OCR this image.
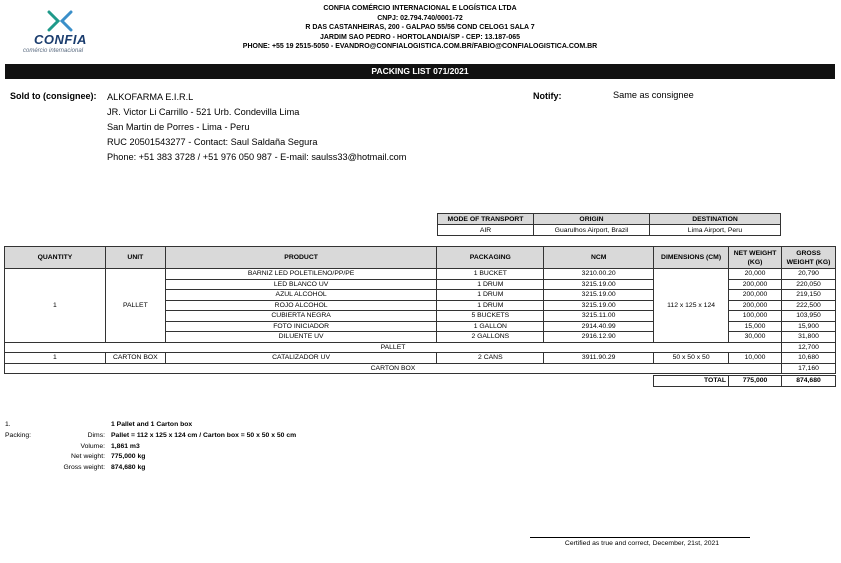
CONFIA
comércio internacional
CONFIA COMÉRCIO INTERNACIONAL E LOGÍSTICA LTDA
CNPJ: 02.794.740/0001-72
R DAS CASTANHEIRAS, 200 - GALPAO 55/56 COND CELOG1 SALA 7
JARDIM SAO PEDRO - HORTOLANDIA/SP - CEP: 13.187-065
PHONE: +55 19 2515-5050 - EVANDRO@CONFIALOGISTICA.COM.BR/FABIO@CONFIALOGISTICA.COM.BR
PACKING LIST 071/2021
Sold to (consignee): ALKOFARMA E.I.R.L
JR. Victor Li Carrillo - 521 Urb. Condevilla Lima
San Martin de Porres - Lima - Peru
RUC 20501543277 - Contact: Saul Saldaña Segura
Phone: +51 383 3728 / +51 976 050 987 - E-mail: saulss33@hotmail.com
Notify:	Same as consignee
MODE OF TRANSPORT	ORIGIN	DESTINATION
AIR	Guarulhos Airport, Brazil	Lima Airport, Peru
QUANTITY	UNIT	PRODUCT	PACKAGING	NCM	DIMENSIONS (CM)	NET WEIGHT (KG)	GROSS WEIGHT (KG)
1	PALLET	BARNIZ LED POLETILENO/PP/PE	1 BUCKET	3210.00.20	112 x 125 x 124	20,000	20,790
		LED BLANCO UV	1 DRUM	3215.19.00		200,000	220,050
		AZUL ALCOHOL	1 DRUM	3215.19.00		200,000	219,150
		ROJO ALCOHOL	1 DRUM	3215.19.00		200,000	222,500
		CUBIERTA NEGRA	5 BUCKETS	3215.11.00		100,000	103,950
		FOTO INICIADOR	1 GALLON	2914.40.99		15,000	15,900
		DILUENTE UV	2 GALLONS	2916.12.90		30,000	31,800
PALLET							12,700
1	CARTON BOX	CATALIZADOR UV	2 CANS	3911.90.29	50 x 50 x 50	10,000	10,680
CARTON BOX							17,160

					TOTAL	775,000	874,680
1. Packing:
1 Pallet and 1 Carton box
Dims: Pallet = 112 x 125 x 124 cm / Carton box = 50 x 50 x 50 cm
Volume: 1,861 m3
Net weight: 775,000 kg
Gross weight: 874,680 kg
Certified as true and correct, December, 21st, 2021
